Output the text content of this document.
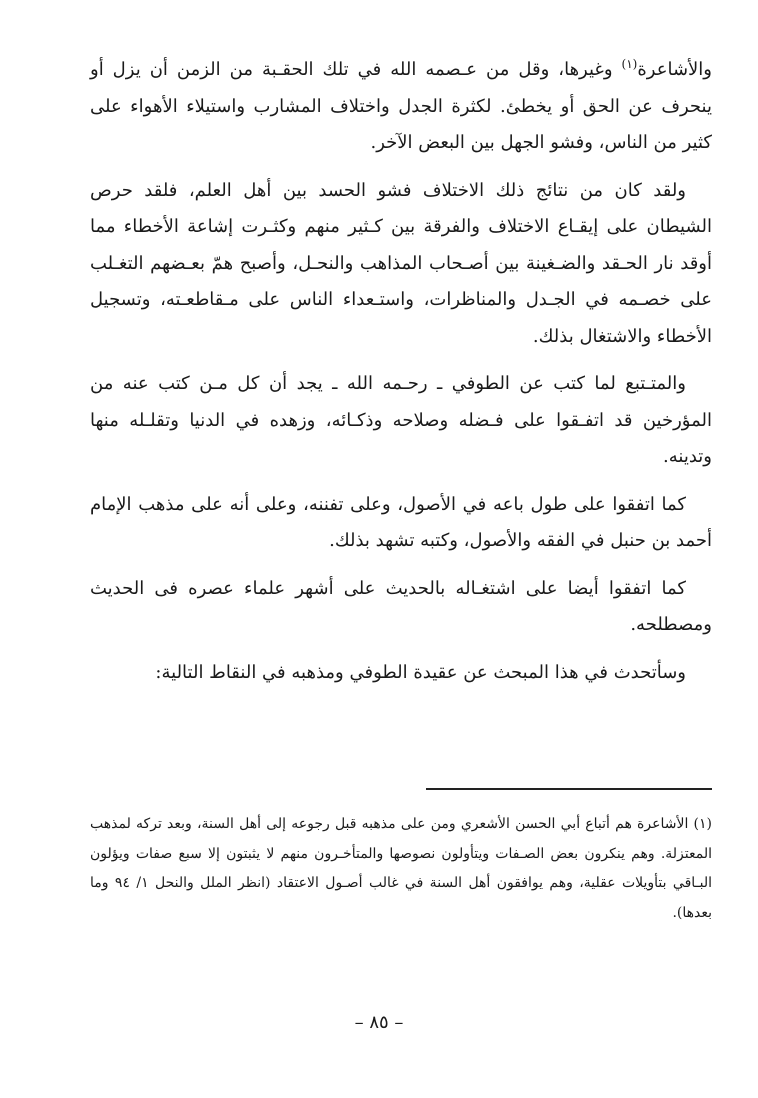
والأشاعرة$^{(١)}$ وغيرها، وقل من عـصمه الله في تلك الحقـبة من الزمن أن يزل أو ينحرف عن الحق أو يخطئ. لكثرة الجدل واختلاف المشارب واستيلاء الأهواء على كثير من الناس، وفشو الجهل بين البعض الآخر.

ولقد كان من نتائج ذلك الاختلاف فشو الحسد بين أهل العلم، فلقد حرص الشيطان على إيقـاع الاختلاف والفرقة بين كـثير منهم وكثـرت إشاعة الأخطاء مما أوقد نار الحـقد والضـغينة بين أصـحاب المذاهب والنحـل، وأصبح همّ بعـضهم التغـلب على خصـمه في الجـدل والمناظرات، واستـعداء الناس على مـقاطعـته، وتسجيل الأخطاء والاشتغال بذلك.

والمتـتبع لما كتب عن الطوفي ـ رحـمه الله ـ يجد أن كل مـن كتب عنه من المؤرخين قد اتفـقوا على فـضله وصلاحه وذكـائه، وزهده في الدنيا وتقلـله منها وتدينه.

كما اتفقوا على طول باعه في الأصول، وعلى تفننه، وعلى أنه على مذهب الإمام أحمد بن حنبل في الفقه والأصول، وكتبه تشهد بذلك.

كما اتفقوا أيضا على اشتغـاله بالحديث على أشهر علماء عصره فى الحديث ومصطلحه.

وسأتحدث في هذا المبحث عن عقيدة الطوفي ومذهبه في النقاط التالية:

(١) الأشاعرة هم أتباع أبي الحسن الأشعري ومن على مذهبه قبل رجوعه إلى أهل السنة، وبعد تركه لمذهب المعتزلة. وهم ينكرون بعض الصـفات ويتأولون نصوصها والمتأخـرون منهم لا يثبتون إلا سبع صفات ويؤلون البـاقي بتأويلات عقلية، وهم يوافقون أهل السنة في غالب أصـول الاعتقاد (انظر الملل والنحل ١/ ٩٤ وما بعدها).

– ٨٥ –
